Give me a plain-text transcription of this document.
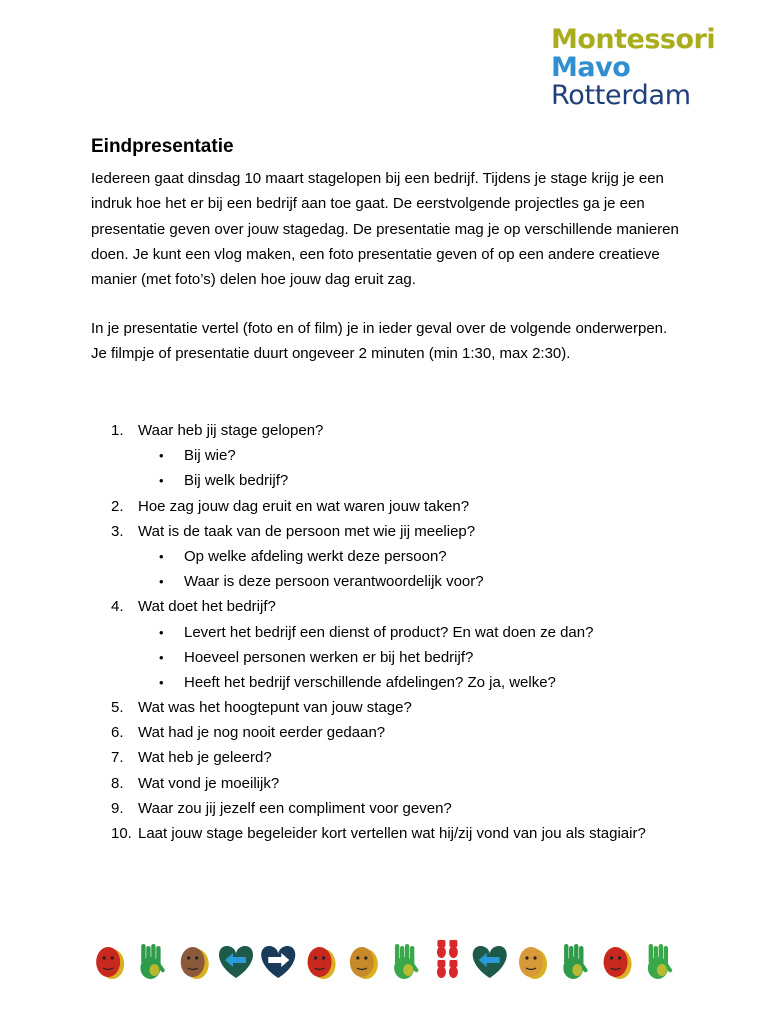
Montessori
Mavo
Rotterdam
Eindpresentatie
Iedereen gaat dinsdag 10 maart stagelopen bij een bedrijf. Tijdens je stage krijg je een indruk hoe het er bij een bedrijf aan toe gaat. De eerstvolgende projectles ga je een presentatie geven over jouw stagedag. De presentatie mag je op verschillende manieren doen. Je kunt een vlog maken, een foto presentatie geven of op een andere creatieve manier (met foto’s) delen hoe jouw dag eruit zag.
In je presentatie vertel (foto en of film) je in ieder geval over de volgende onderwerpen. Je filmpje of presentatie duurt ongeveer 2 minuten (min 1:30, max 2:30).
1. Waar heb jij stage gelopen?
• Bij wie?
• Bij welk bedrijf?
2. Hoe zag jouw dag eruit en wat waren jouw taken?
3. Wat is de taak van de persoon met wie jij meeliep?
• Op welke afdeling werkt deze persoon?
• Waar is deze persoon verantwoordelijk voor?
4. Wat doet het bedrijf?
• Levert het bedrijf een dienst of product? En wat doen ze dan?
• Hoeveel personen werken er bij het bedrijf?
• Heeft het bedrijf verschillende afdelingen? Zo ja, welke?
5. Wat was het hoogtepunt van jouw stage?
6. Wat had je nog nooit eerder gedaan?
7. Wat heb je geleerd?
8. Wat vond je moeilijk?
9. Waar zou jij jezelf een compliment voor geven?
10. Laat jouw stage begeleider kort vertellen wat hij/zij vond van jou als stagiair?
